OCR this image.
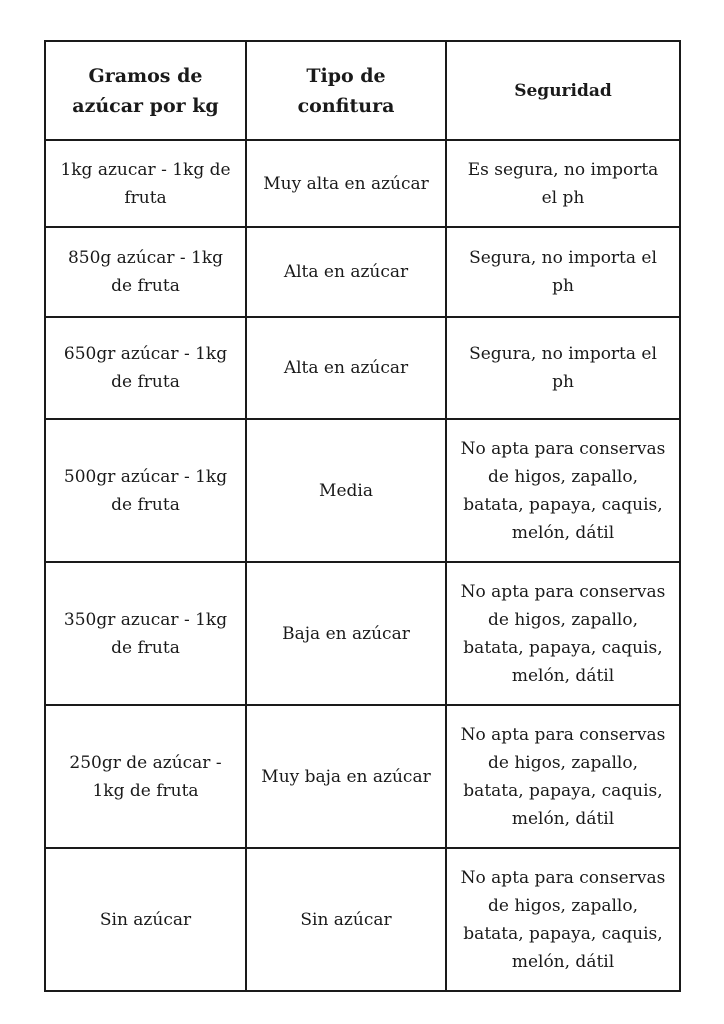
Gramos de azúcar por kg	Tipo de confitura	Seguridad
1kg azucar - 1kg de fruta	Muy alta en azúcar	Es segura, no importa el ph
850g azúcar - 1kg de fruta	Alta en azúcar	Segura, no importa el ph
650gr azúcar - 1kg de fruta	Alta en azúcar	Segura, no importa el ph
500gr azúcar - 1kg de fruta	Media	No apta para conservas de higos, zapallo, batata, papaya, caquis, melón, dátil
350gr azucar - 1kg de fruta	Baja en azúcar	No apta para conservas de higos, zapallo, batata, papaya, caquis, melón, dátil
250gr de azúcar - 1kg de fruta	Muy baja en azúcar	No apta para conservas de higos, zapallo, batata, papaya, caquis, melón, dátil
Sin azúcar	Sin azúcar	No apta para conservas de higos, zapallo, batata, papaya, caquis, melón, dátil
